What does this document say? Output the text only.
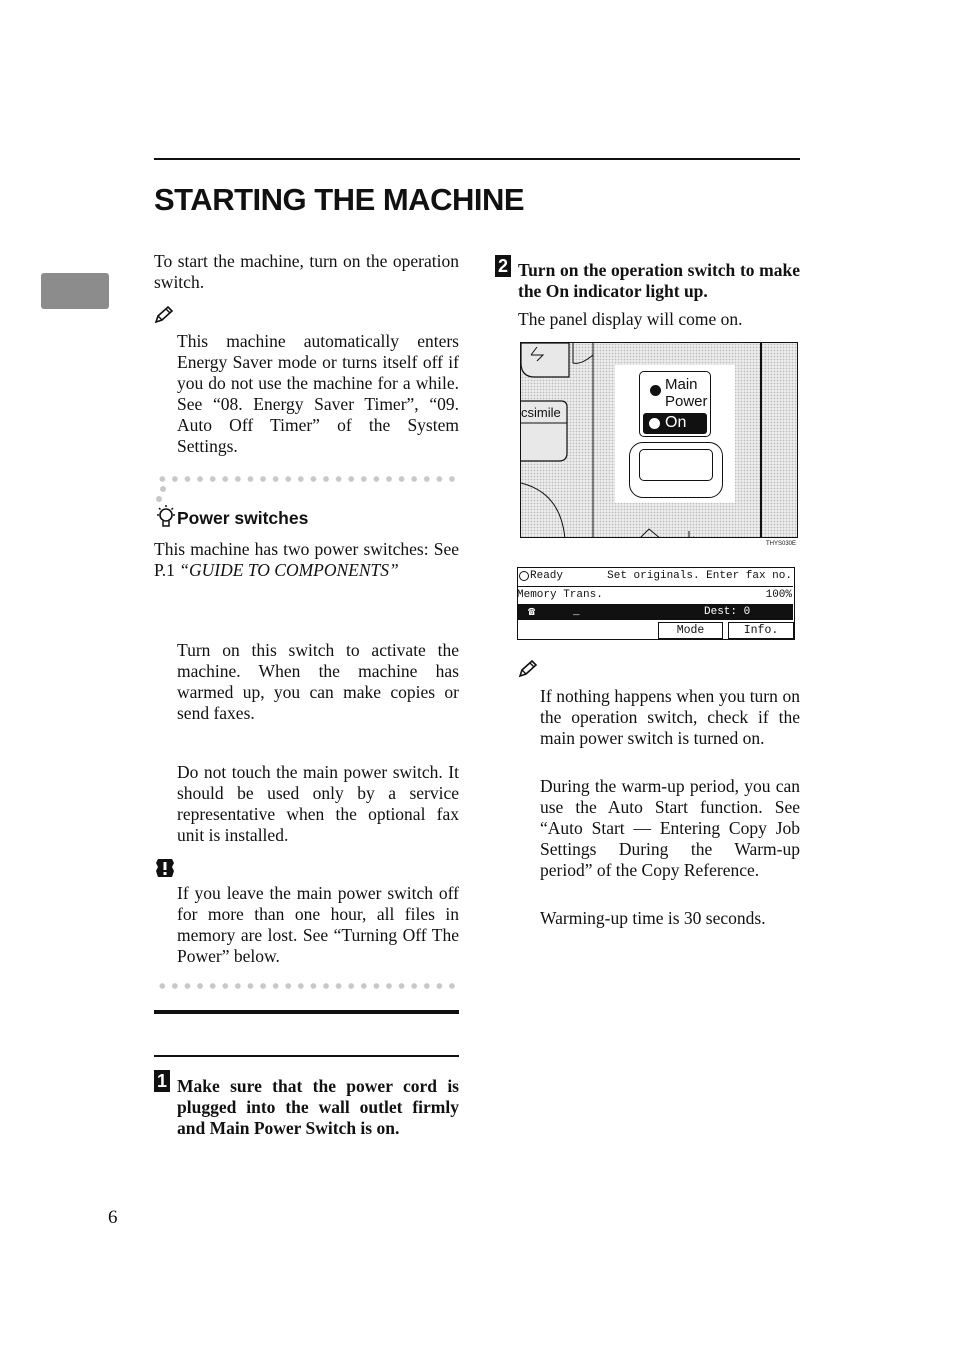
STARTING THE MACHINE

To start the machine, turn on the operation switch.

This machine automatically enters Energy Saver mode or turns itself off if you do not use the machine for a while. See “08. Energy Saver Timer”, “09. Auto Off Timer” of the System Settings.

Power switches

This machine has two power switches: See P.1 “GUIDE TO COMPONENTS”

Turn on this switch to activate the machine. When the machine has warmed up, you can make copies or send faxes.

Do not touch the main power switch. It should be used only by a service representative when the optional fax unit is installed.

If you leave the main power switch off for more than one hour, all files in memory are lost. See “Turning Off The Power” below.

1 Make sure that the power cord is plugged into the wall outlet firmly and Main Power Switch is on.

6
2 Turn on the operation switch to make the On indicator light up.

The panel display will come on.

csimile
Main
Power
On
THYS030E
Ready	Set originals. Enter fax no.
Memory Trans.	100%
☎	_	Dest: 0
Mode	Info.

If nothing happens when you turn on the operation switch, check if the main power switch is turned on.

During the warm-up period, you can use the Auto Start function. See “Auto Start — Entering Copy Job Settings During the Warm-up period” of the Copy Reference.

Warming-up time is 30 seconds.
